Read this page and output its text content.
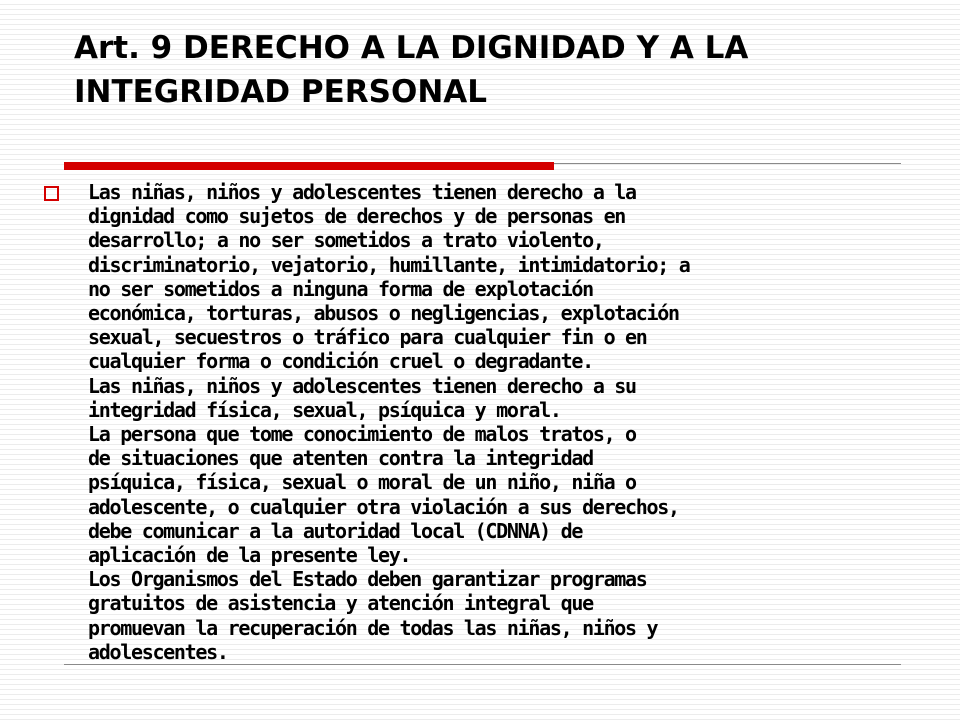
Art. 9 DERECHO A LA DIGNIDAD Y A LA
INTEGRIDAD PERSONAL
Las niñas, niños y adolescentes tienen derecho a la
dignidad como sujetos de derechos y de personas en
desarrollo; a no ser sometidos a trato violento,
discriminatorio, vejatorio, humillante, intimidatorio; a
no ser sometidos a ninguna forma de explotación
económica, torturas, abusos o negligencias, explotación
sexual, secuestros o tráfico para cualquier fin o en
cualquier forma o condición cruel o degradante.
Las niñas, niños y adolescentes tienen derecho a su
integridad física, sexual, psíquica y moral.
La persona que tome conocimiento de malos tratos, o
de situaciones que atenten contra la integridad
psíquica, física, sexual o moral de un niño, niña o
adolescente, o cualquier otra violación a sus derechos,
debe comunicar a la autoridad local (CDNNA) de
aplicación de la presente ley.
Los Organismos del Estado deben garantizar programas
gratuitos de asistencia y atención integral que
promuevan la recuperación de todas las niñas, niños y
adolescentes.
